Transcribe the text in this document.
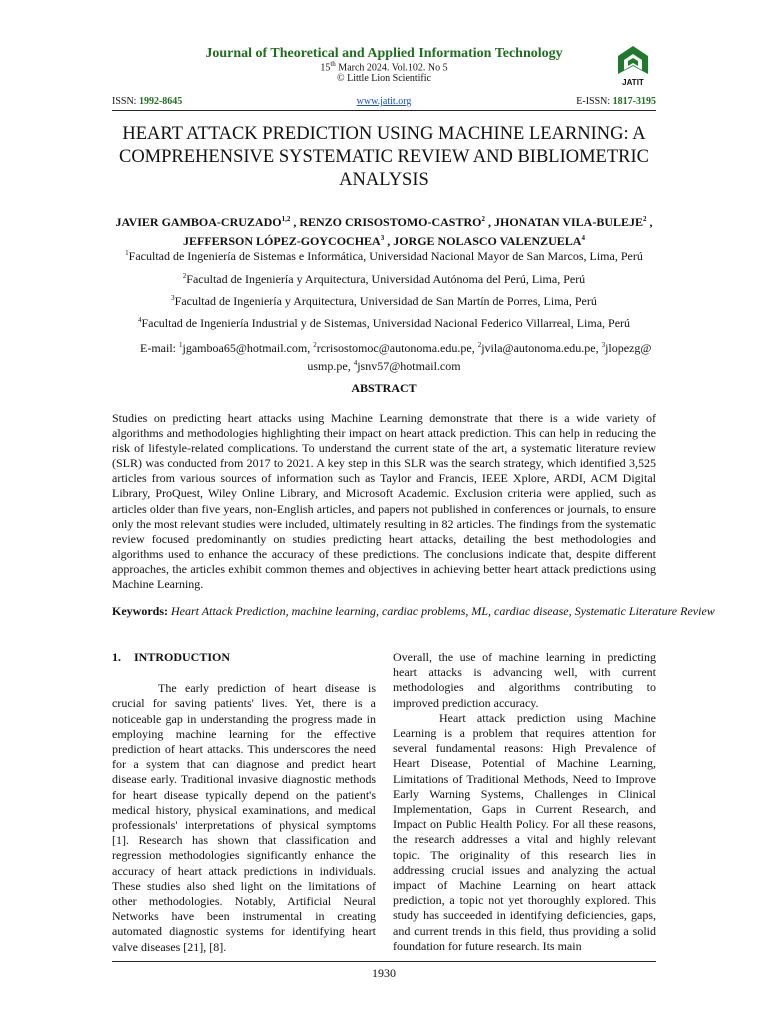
Journal of Theoretical and Applied Information Technology
15th March 2024. Vol.102. No 5
© Little Lion Scientific	JATIT
ISSN: 1992-8645	www.jatit.org	E-ISSN: 1817-3195
HEART ATTACK PREDICTION USING MACHINE LEARNING: A COMPREHENSIVE SYSTEMATIC REVIEW AND BIBLIOMETRIC ANALYSIS
JAVIER GAMBOA-CRUZADO$^{1,2}$ , RENZO CRISOSTOMO-CASTRO$^2$ , JHONATAN VILA-BULEJE$^2$ , JEFFERSON LÓPEZ-GOYCOCHEA$^3$ , JORGE NOLASCO VALENZUELA$^4$
$^1$Facultad de Ingeniería de Sistemas e Informática, Universidad Nacional Mayor de San Marcos, Lima, Perú
$^2$Facultad de Ingeniería y Arquitectura, Universidad Autónoma del Perú, Lima, Perú
$^3$Facultad de Ingeniería y Arquitectura, Universidad de San Martín de Porres, Lima, Perú
$^4$Facultad de Ingeniería Industrial y de Sistemas, Universidad Nacional Federico Villarreal, Lima, Perú
E-mail: $^1$jgamboa65@hotmail.com, $^2$rcrisostomoc@autonoma.edu.pe, $^2$jvila@autonoma.edu.pe, $^3$jlopezg@
usmp.pe, $^4$jsnv57@hotmail.com
ABSTRACT
Studies on predicting heart attacks using Machine Learning demonstrate that there is a wide variety of algorithms and methodologies highlighting their impact on heart attack prediction. This can help in reducing the risk of lifestyle-related complications. To understand the current state of the art, a systematic literature review (SLR) was conducted from 2017 to 2021. A key step in this SLR was the search strategy, which identified 3,525 articles from various sources of information such as Taylor and Francis, IEEE Xplore, ARDI, ACM Digital Library, ProQuest, Wiley Online Library, and Microsoft Academic. Exclusion criteria were applied, such as articles older than five years, non-English articles, and papers not published in conferences or journals, to ensure only the most relevant studies were included, ultimately resulting in 82 articles. The findings from the systematic review focused predominantly on studies predicting heart attacks, detailing the best methodologies and algorithms used to enhance the accuracy of these predictions. The conclusions indicate that, despite different approaches, the articles exhibit common themes and objectives in achieving better heart attack predictions using Machine Learning.
Keywords: Heart Attack Prediction, machine learning, cardiac problems, ML, cardiac disease, Systematic Literature Review

1. INTRODUCTION

The early prediction of heart disease is crucial for saving patients' lives. Yet, there is a noticeable gap in understanding the progress made in employing machine learning for the effective prediction of heart attacks. This underscores the need for a system that can diagnose and predict heart disease early. Traditional invasive diagnostic methods for heart disease typically depend on the patient's medical history, physical examinations, and medical professionals' interpretations of physical symptoms [1]. Research has shown that classification and regression methodologies significantly enhance the accuracy of heart attack predictions in individuals. These studies also shed light on the limitations of other methodologies. Notably, Artificial Neural Networks have been instrumental in creating automated diagnostic systems for identifying heart valve diseases [21], [8].

Overall, the use of machine learning in predicting heart attacks is advancing well, with current methodologies and algorithms contributing to improved prediction accuracy.

Heart attack prediction using Machine Learning is a problem that requires attention for several fundamental reasons: High Prevalence of Heart Disease, Potential of Machine Learning, Limitations of Traditional Methods, Need to Improve Early Warning Systems, Challenges in Clinical Implementation, Gaps in Current Research, and Impact on Public Health Policy. For all these reasons, the research addresses a vital and highly relevant topic. The originality of this research lies in addressing crucial issues and analyzing the actual impact of Machine Learning on heart attack prediction, a topic not yet thoroughly explored. This study has succeeded in identifying deficiencies, gaps, and current trends in this field, thus providing a solid foundation for future research. Its main

1930
